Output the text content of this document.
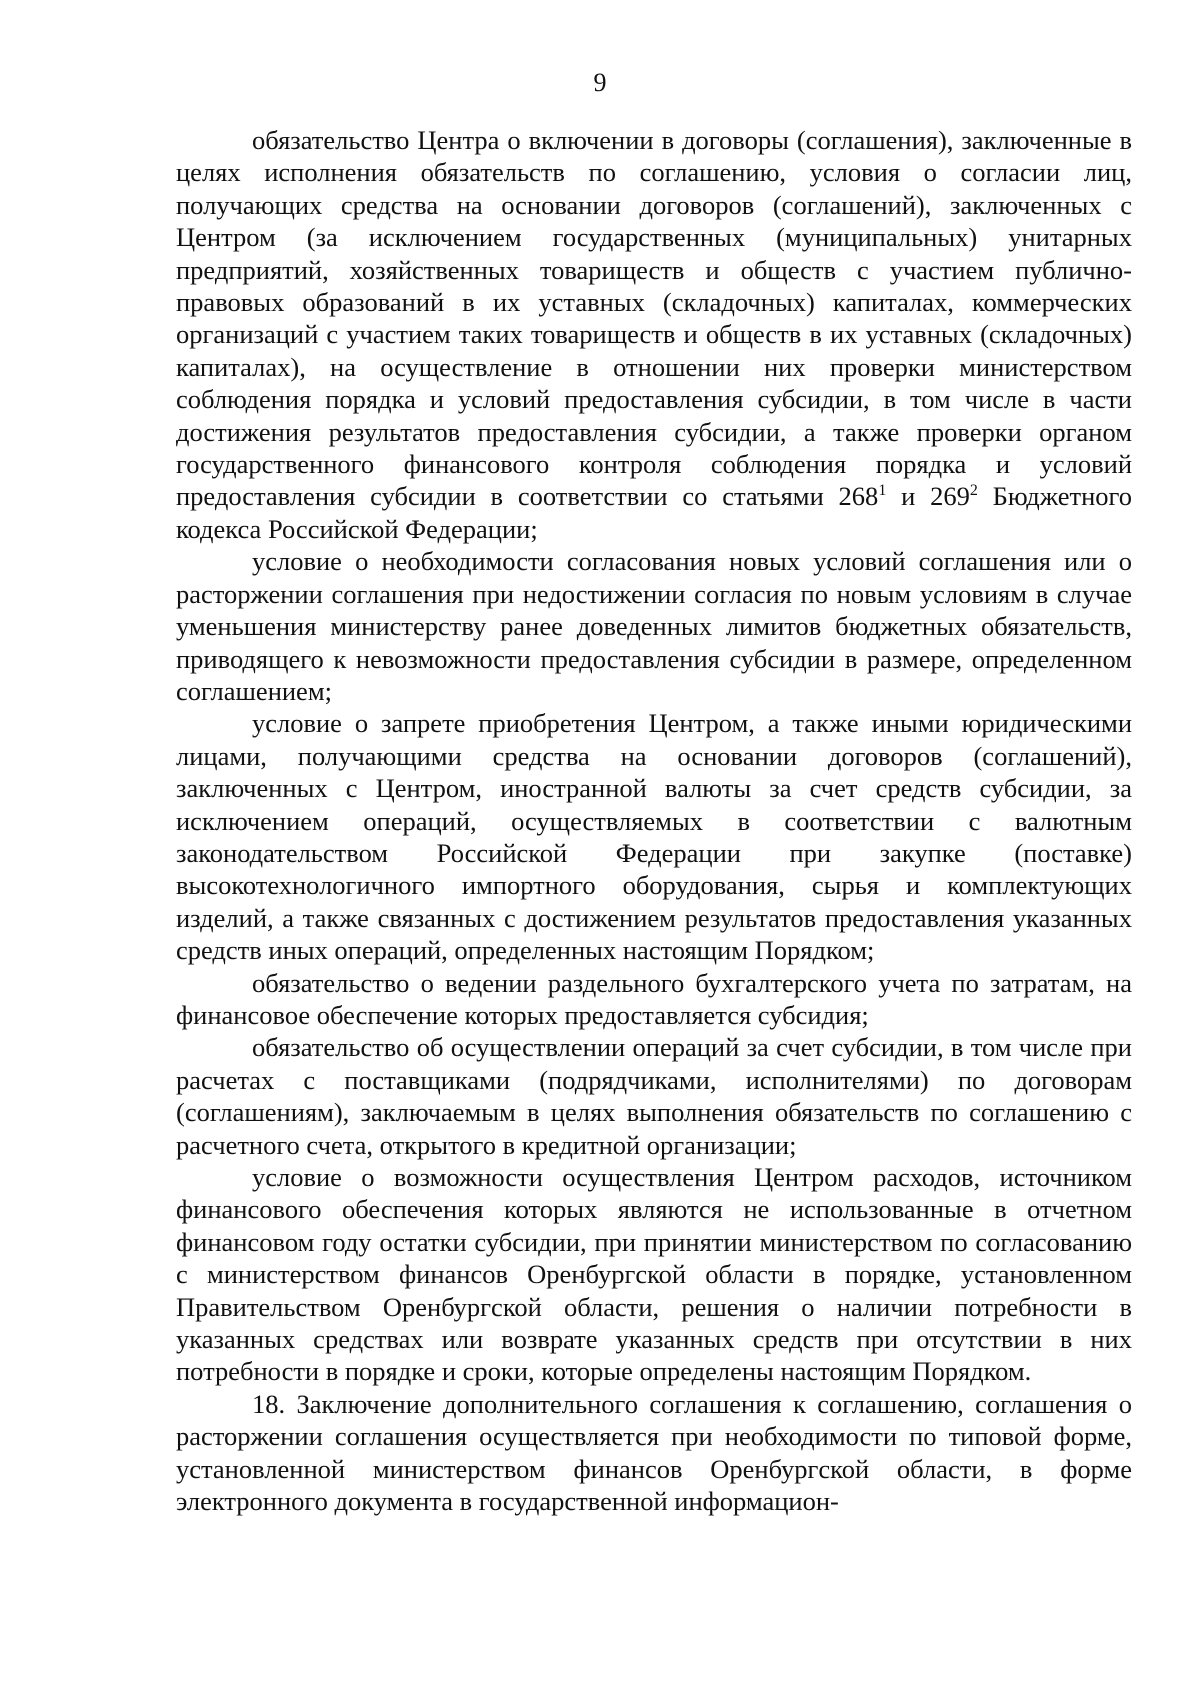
9

обязательство Центра о включении в договоры (соглашения), заключенные в целях исполнения обязательств по соглашению, условия о согласии лиц, получающих средства на основании договоров (соглашений), заключенных с Центром (за исключением государственных (муниципальных) унитарных предприятий, хозяйственных товариществ и обществ с участием публично-правовых образований в их уставных (складочных) капиталах, коммерческих организаций с участием таких товариществ и обществ в их уставных (складочных) капиталах), на осуществление в отношении них проверки министерством соблюдения порядка и условий предоставления субсидии, в том числе в части достижения результатов предоставления субсидии, а также проверки органом государственного финансового контроля соблюдения порядка и условий предоставления субсидии в соответствии со статьями $268^1$ и $269^2$ Бюджетного кодекса Российской Федерации;

условие о необходимости согласования новых условий соглашения или о расторжении соглашения при недостижении согласия по новым условиям в случае уменьшения министерству ранее доведенных лимитов бюджетных обязательств, приводящего к невозможности предоставления субсидии в размере, определенном соглашением;

условие о запрете приобретения Центром, а также иными юридическими лицами, получающими средства на основании договоров (соглашений), заключенных с Центром, иностранной валюты за счет средств субсидии, за исключением операций, осуществляемых в соответствии с валютным законодательством Российской Федерации при закупке (поставке) высокотехнологичного импортного оборудования, сырья и комплектующих изделий, а также связанных с достижением результатов предоставления указанных средств иных операций, определенных настоящим Порядком;

обязательство о ведении раздельного бухгалтерского учета по затратам, на финансовое обеспечение которых предоставляется субсидия;

обязательство об осуществлении операций за счет субсидии, в том числе при расчетах с поставщиками (подрядчиками, исполнителями) по договорам (соглашениям), заключаемым в целях выполнения обязательств по соглашению с расчетного счета, открытого в кредитной организации;

условие о возможности осуществления Центром расходов, источником финансового обеспечения которых являются не использованные в отчетном финансовом году остатки субсидии, при принятии министерством по согласованию с министерством финансов Оренбургской области в порядке, установленном Правительством Оренбургской области, решения о наличии потребности в указанных средствах или возврате указанных средств при отсутствии в них потребности в порядке и сроки, которые определены настоящим Порядком.

18. Заключение дополнительного соглашения к соглашению, соглашения о расторжении соглашения осуществляется при необходимости по типовой форме, установленной министерством финансов Оренбургской области, в форме электронного документа в государственной информацион-
